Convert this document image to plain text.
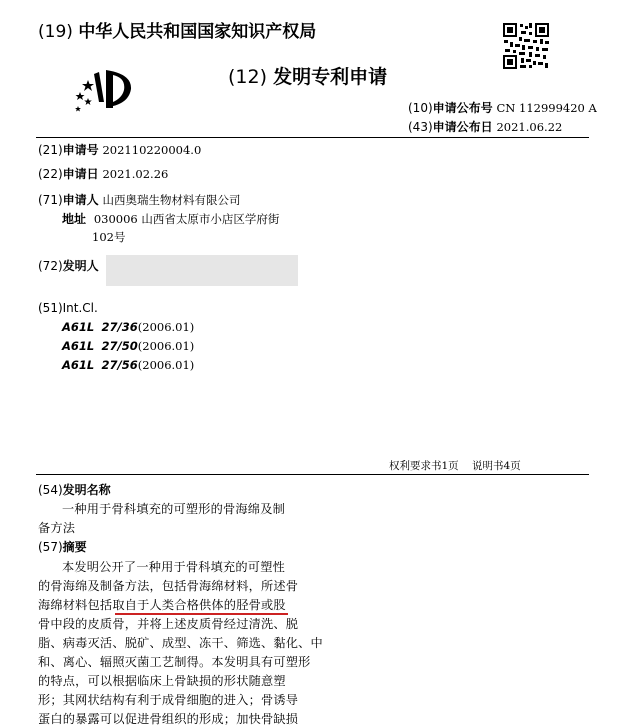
(19) 中华人民共和国国家知识产权局
(12) 发明专利申请
(10)申请公布号 CN 112999420 A
(43)申请公布日 2021.06.22
(21)申请号 202110220004.0
(22)申请日 2021.02.26
(71)申请人 山西奥瑞生物材料有限公司
地址 030006 山西省太原市小店区学府街
102号
(72)发明人
(51)Int.Cl.
A61L 27/36(2006.01)
A61L 27/50(2006.01)
A61L 27/56(2006.01)
权利要求书1页    说明书4页
(54)发明名称
一种用于骨科填充的可塑形的骨海绵及制
备方法
(57)摘要
本发明公开了一种用于骨科填充的可塑性
的骨海绵及制备方法，包括骨海绵材料，所述骨
海绵材料包括取自于人类合格供体的胫骨或股
骨中段的皮质骨，并将上述皮质骨经过清洗、脱
脂、病毒灭活、脱矿、成型、冻干、筛选、黏化、中
和、离心、辐照灭菌工艺制得。本发明具有可塑形
的特点，可以根据临床上骨缺损的形状随意塑
形；其网状结构有利于成骨细胞的进入；骨诱导
蛋白的暴露可以促进骨组织的形成；加快骨缺损
